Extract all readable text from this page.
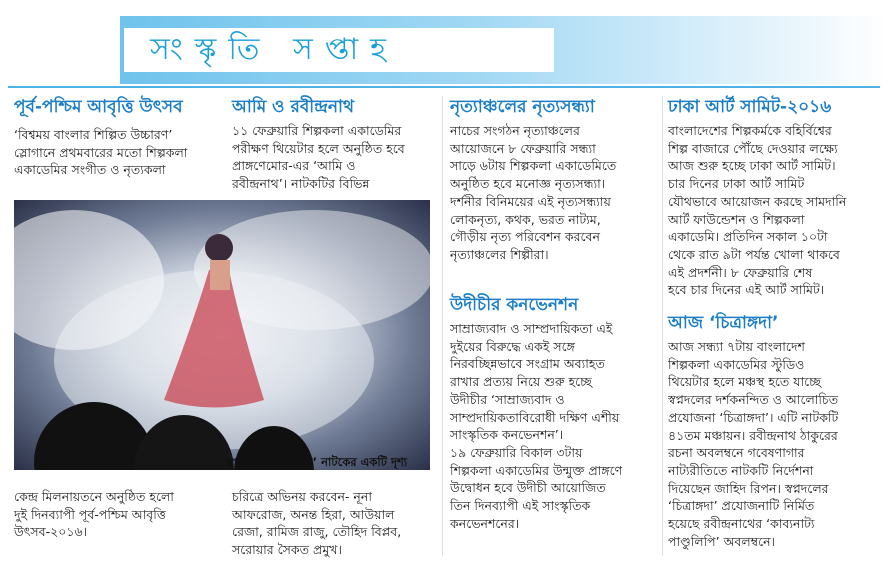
সংস্কৃতি সপ্তাহ
পূর্ব-পশ্চিম আবৃত্তি উৎসব
‘বিশ্বময় বাংলার শিল্পিত উচ্চারণ’
স্লোগানে প্রথমবারের মতো শিল্পকলা
একাডেমির সংগীত ও নৃত্যকলা
কেন্দ্র মিলনায়তনে অনুষ্ঠিত হলো
দুই দিনব্যাপী পূর্ব-পশ্চিম আবৃত্তি
উৎসব-২০১৬।
আমি ও রবীন্দ্রনাথ
১১ ফেব্রুয়ারি শিল্পকলা একাডেমির
পরীক্ষণ থিয়েটার হলে অনুষ্ঠিত হবে
প্রাঙ্গণেমোর-এর ‘আমি ও
রবীন্দ্রনাথ’। নাটকটির বিভিন্ন
চরিত্রে অভিনয় করবেন- নূনা
আফরোজ, অনন্ত হিরা, আউয়াল
রেজা, রামিজ রাজু, তৌহিদ বিপ্লব,
সরোয়ার সৈকত প্রমুখ।
স্বপ্নদলের ‘চিত্রাঙ্গদা’ নাটকের একটি দৃশ্য
নৃত্যাঞ্চলের নৃত্যসন্ধ্যা
নাচের সংগঠন নৃত্যাঞ্চলের
আয়োজনে ৮ ফেব্রুয়ারি সন্ধ্যা
সাড়ে ৬টায় শিল্পকলা একাডেমিতে
অনুষ্ঠিত হবে মনোজ্ঞ নৃত্যসন্ধ্যা।
দর্শনীর বিনিময়ের এই নৃত্যসন্ধ্যায়
লোকনৃত্য, কথক, ভরত নাট্যম,
গৌড়ীয় নৃত্য পরিবেশন করবেন
নৃত্যাঞ্চলের শিল্পীরা।
উদীচীর কনভেনশন
সাম্রাজ্যবাদ ও সাম্প্রদায়িকতা এই
দুইয়ের বিরুদ্ধে একই সঙ্গে
নিরবচ্ছিন্নভাবে সংগ্রাম অব্যাহত
রাখার প্রত্যয় নিয়ে শুরু হচ্ছে
উদীচীর ‘সাম্রাজ্যবাদ ও
সাম্প্রদায়িকতাবিরোধী দক্ষিণ এশীয়
সাংস্কৃতিক কনভেনশন’।
১৯ ফেব্রুয়ারি বিকাল ৩টায়
শিল্পকলা একাডেমির উন্মুক্ত প্রাঙ্গণে
উদ্বোধন হবে উদীচী আয়োজিত
তিন দিনব্যাপী এই সাংস্কৃতিক
কনভেনশনের।
ঢাকা আর্ট সামিট-২০১৬
বাংলাদেশের শিল্পকর্মকে বহির্বিশ্বের
শিল্প বাজারে পৌঁছে দেওয়ার লক্ষ্যে
আজ শুরু হচ্ছে ঢাকা আর্ট সামিট।
চার দিনের ঢাকা আর্ট সামিট
যৌথভাবে আয়োজন করছে সামদানি
আর্ট ফাউন্ডেশন ও শিল্পকলা
একাডেমি। প্রতিদিন সকাল ১০টা
থেকে রাত ৯টা পর্যন্ত খোলা থাকবে
এই প্রদর্শনী। ৮ ফেব্রুয়ারি শেষ
হবে চার দিনের এই আর্ট সামিট।
আজ ‘চিত্রাঙ্গদা’
আজ সন্ধ্যা ৭টায় বাংলাদেশ
শিল্পকলা একাডেমির স্টুডিও
থিয়েটার হলে মঞ্চস্থ হতে যাচ্ছে
স্বপ্নদলের দর্শকনন্দিত ও আলোচিত
প্রযোজনা ‘চিত্রাঙ্গদা’। এটি নাটকটি
৪১তম মঞ্চায়ন। রবীন্দ্রনাথ ঠাকুরের
রচনা অবলম্বনে গবেষণাগার
নাট্যরীতিতে নাটকটি নির্দেশনা
দিয়েছেন জাহিদ রিপন। স্বপ্নদলের
‘চিত্রাঙ্গদা’ প্রযোজনাটি নির্মিত
হয়েছে রবীন্দ্রনাথের ‘কাব্যনাট্য
পাণ্ডুলিপি’ অবলম্বনে।
